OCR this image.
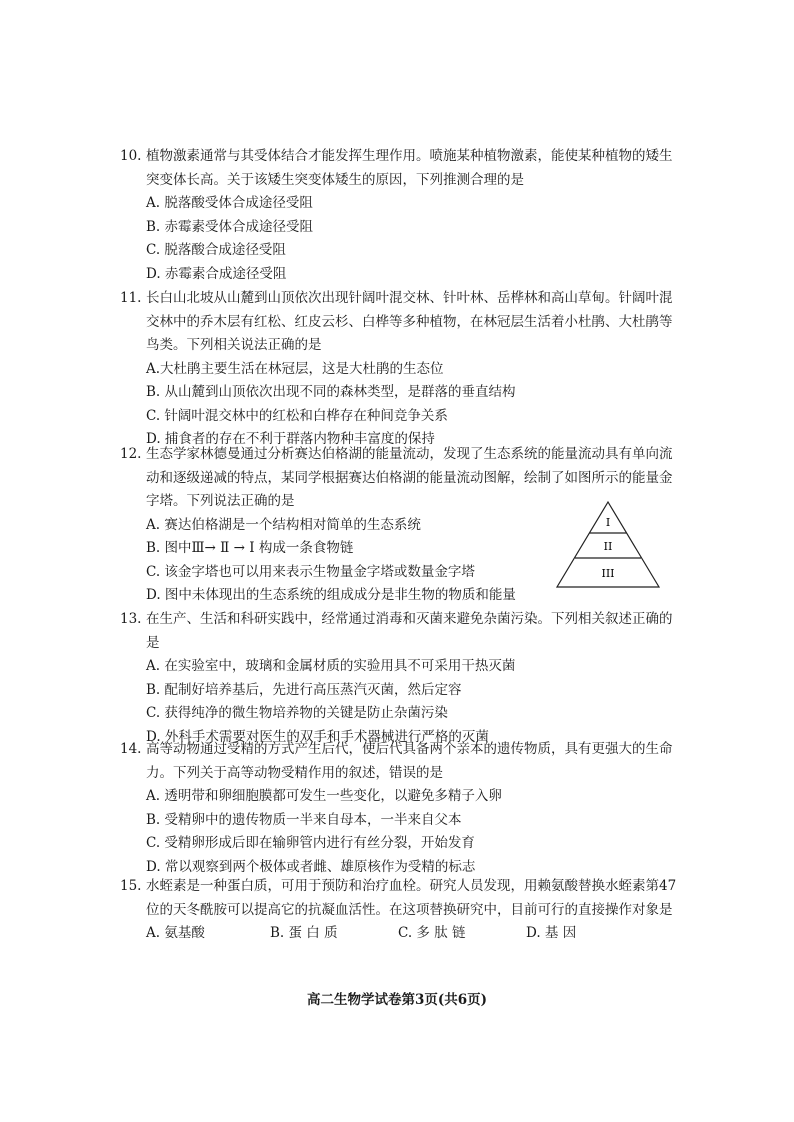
10. 植物激素通常与其受体结合才能发挥生理作用。喷施某种植物激素，能使某种植物的矮生突变体长高。关于该矮生突变体矮生的原因，下列推测合理的是

A. 脱落酸受体合成途径受阻

B. 赤霉素受体合成途径受阻

C. 脱落酸合成途径受阻

D. 赤霉素合成途径受阻

11. 长白山北坡从山麓到山顶依次出现针阔叶混交林、针叶林、岳桦林和高山草甸。针阔叶混交林中的乔木层有红松、红皮云杉、白桦等多种植物，在林冠层生活着小杜鹃、大杜鹃等鸟类。下列相关说法正确的是

A.大杜鹃主要生活在林冠层，这是大杜鹃的生态位

B. 从山麓到山顶依次出现不同的森林类型，是群落的垂直结构

C. 针阔叶混交林中的红松和白桦存在种间竞争关系

D. 捕食者的存在不利于群落内物种丰富度的保持

12. 生态学家林德曼通过分析赛达伯格湖的能量流动，发现了生态系统的能量流动具有单向流动和逐级递减的特点，某同学根据赛达伯格湖的能量流动图解，绘制了如图所示的能量金字塔。下列说法正确的是

A. 赛达伯格湖是一个结构相对简单的生态系统

B. 图中Ⅲ→ Ⅱ → I 构成一条食物链

C. 该金字塔也可以用来表示生物量金字塔或数量金字塔

D. 图中未体现出的生态系统的组成成分是非生物的物质和能量

I
II
III

13. 在生产、生活和科研实践中，经常通过消毒和灭菌来避免杂菌污染。下列相关叙述正确的是

A. 在实验室中，玻璃和金属材质的实验用具不可采用干热灭菌

B. 配制好培养基后，先进行高压蒸汽灭菌，然后定容

C. 获得纯净的微生物培养物的关键是防止杂菌污染

D. 外科手术需要对医生的双手和手术器械进行严格的灭菌

14. 高等动物通过受精的方式产生后代，使后代具备两个亲本的遗传物质，具有更强大的生命力。下列关于高等动物受精作用的叙述，错误的是

A. 透明带和卵细胞膜都可发生一些变化，以避免多精子入卵

B. 受精卵中的遗传物质一半来自母本，一半来自父本

C. 受精卵形成后即在输卵管内进行有丝分裂，开始发育

D. 常以观察到两个极体或者雌、雄原核作为受精的标志

15. 水蛭素是一种蛋白质，可用于预防和治疗血栓。研究人员发现，用赖氨酸替换水蛭素第47位的天冬酰胺可以提高它的抗凝血活性。在这项替换研究中，目前可行的直接操作对象是

A. 氨基酸	B. 蛋 白 质	C. 多 肽 链	D. 基 因
高二生物学试卷第3页(共6页)
